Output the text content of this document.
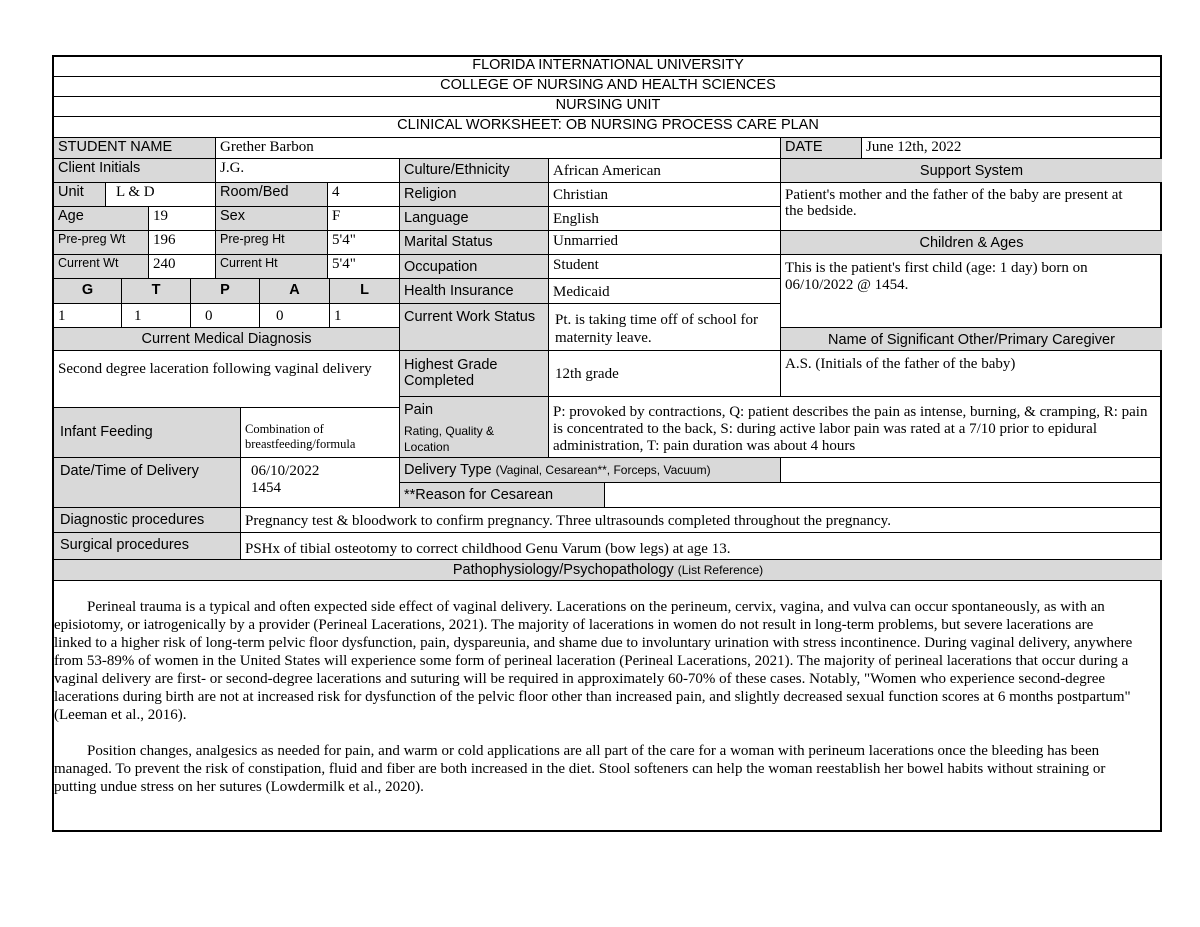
FLORIDA INTERNATIONAL UNIVERSITY
COLLEGE OF NURSING AND HEALTH SCIENCES
NURSING UNIT
CLINICAL WORKSHEET: OB NURSING PROCESS CARE PLAN
STUDENT NAME	Grether Barbon	DATE	June 12th, 2022
Client Initials	J.G.
Unit	L & D	Room/Bed	4
Age	19	Sex	F
Pre-preg Wt	196	Pre-preg Ht	5'4"
Current Wt	240	Current Ht	5'4"
G	T	P	A	L
1	1	0	0	1
Current Medical Diagnosis
Second degree laceration following vaginal delivery
Infant Feeding	Combination of breastfeeding/formula
Date/Time of Delivery	06/10/2022
1454
Culture/Ethnicity	African American
Religion	Christian
Language	English
Marital Status	Unmarried
Occupation	Student
Health Insurance	Medicaid
Current Work Status	Pt. is taking time off of school for maternity leave.
Highest Grade Completed	12th grade
Pain
Rating, Quality & Location
P: provoked by contractions, Q: patient describes the pain as intense, burning, & cramping, R: pain is concentrated to the back, S: during active labor pain was rated at a 7/10 prior to epidural administration, T: pain duration was about 4 hours
Delivery Type (Vaginal, Cesarean**, Forceps, Vacuum)
**Reason for Cesarean
Support System
Patient's mother and the father of the baby are present at the bedside.
Children & Ages
This is the patient's first child (age: 1 day) born on 06/10/2022 @ 1454.
Name of Significant Other/Primary Caregiver
A.S. (Initials of the father of the baby)
Diagnostic procedures	Pregnancy test & bloodwork to confirm pregnancy. Three ultrasounds completed throughout the pregnancy.
Surgical procedures	PSHx of tibial osteotomy to correct childhood Genu Varum (bow legs) at age 13.
Pathophysiology/Psychopathology (List Reference)

Perineal trauma is a typical and often expected side effect of vaginal delivery. Lacerations on the perineum, cervix, vagina, and vulva can occur spontaneously, as with an episiotomy, or iatrogenically by a provider (Perineal Lacerations, 2021). The majority of lacerations in women do not result in long-term problems, but severe lacerations are linked to a higher risk of long-term pelvic floor dysfunction, pain, dyspareunia, and shame due to involuntary urination with stress incontinence. During vaginal delivery, anywhere from 53-89% of women in the United States will experience some form of perineal laceration (Perineal Lacerations, 2021). The majority of perineal lacerations that occur during a vaginal delivery are first- or second-degree lacerations and suturing will be required in approximately 60-70% of these cases. Notably, "Women who experience second-degree lacerations during birth are not at increased risk for dysfunction of the pelvic floor other than increased pain, and slightly decreased sexual function scores at 6 months postpartum" (Leeman et al., 2016).

Position changes, analgesics as needed for pain, and warm or cold applications are all part of the care for a woman with perineum lacerations once the bleeding has been managed. To prevent the risk of constipation, fluid and fiber are both increased in the diet. Stool softeners can help the woman reestablish her bowel habits without straining or putting undue stress on her sutures (Lowdermilk et al., 2020).
